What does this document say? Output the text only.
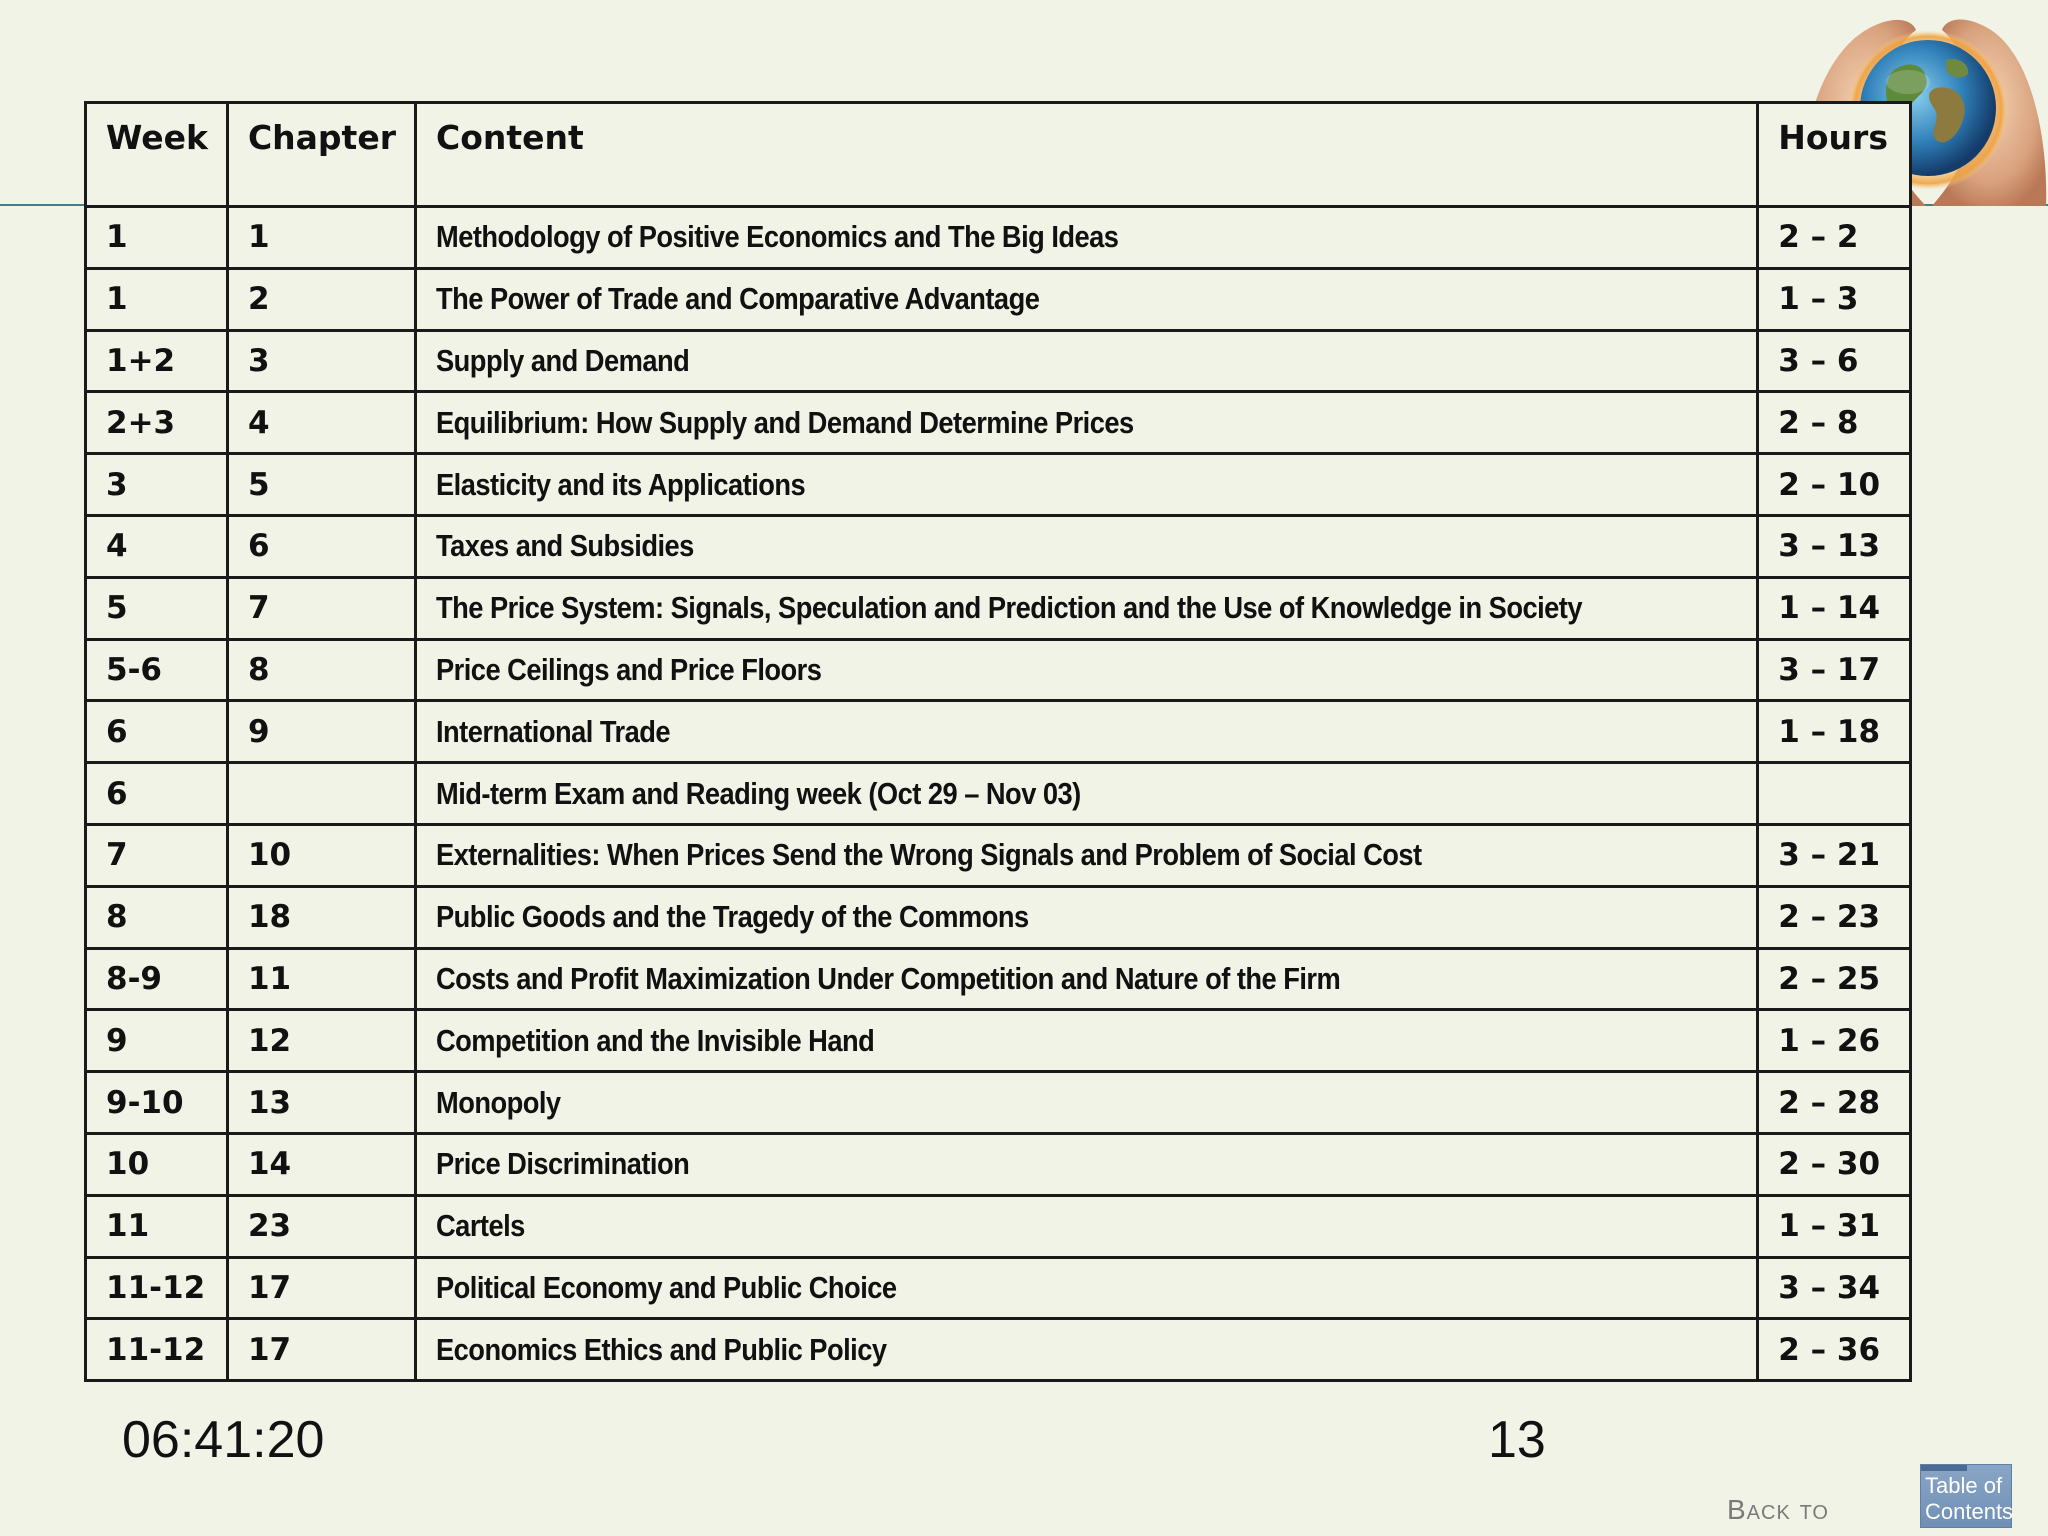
Week	Chapter	Content	Hours
1	1	Methodology of Positive Economics and The Big Ideas	2 – 2
1	2	The Power of Trade and Comparative Advantage	1 – 3
1+2	3	Supply and Demand	3 – 6
2+3	4	Equilibrium: How Supply and Demand Determine Prices	2 – 8
3	5	Elasticity and its Applications	2 – 10
4	6	Taxes and Subsidies	3 – 13
5	7	The Price System: Signals, Speculation and Prediction and the Use of Knowledge in Society	1 – 14
5-6	8	Price Ceilings and Price Floors	3 – 17
6	9	International Trade	1 – 18
6		Mid-term Exam and Reading week (Oct 29 – Nov 03)	
7	10	Externalities: When Prices Send the Wrong Signals and Problem of Social Cost	3 – 21
8	18	Public Goods and the Tragedy of the Commons	2 – 23
8-9	11	Costs and Profit Maximization Under Competition and Nature of the Firm	2 – 25
9	12	Competition and the Invisible Hand	1 – 26
9-10	13	Monopoly	2 – 28
10	14	Price Discrimination	2 – 30
11	23	Cartels	1 – 31
11-12	17	Political Economy and Public Choice	3 – 34
11-12	17	Economics Ethics and Public Policy	2 – 36
06:41:20	13
Back to
Table of Contents
